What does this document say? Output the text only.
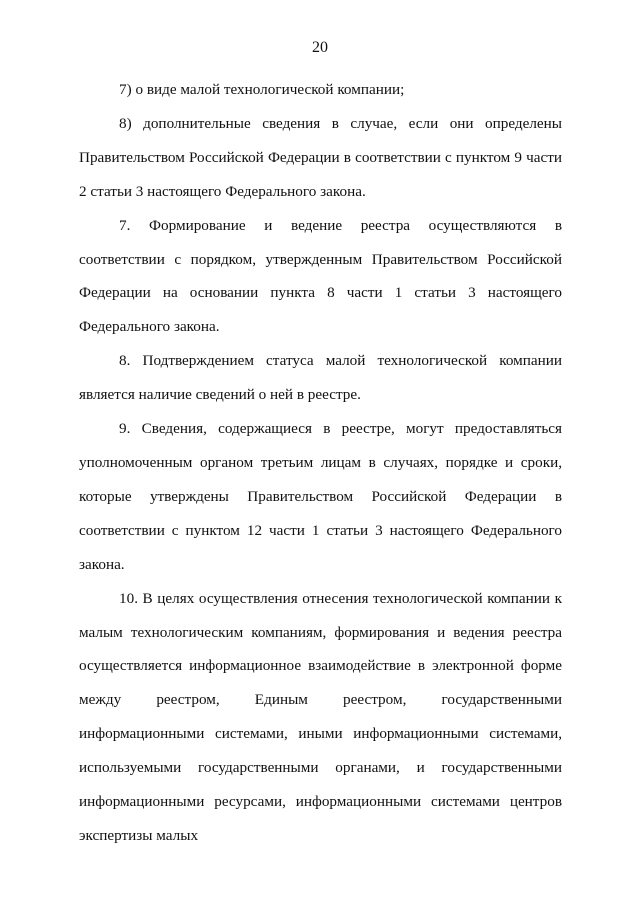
20

7) о виде малой технологической компании;

8) дополнительные сведения в случае, если они определены Правительством Российской Федерации в соответствии с пунктом 9 части 2 статьи 3 настоящего Федерального закона.

7. Формирование и ведение реестра осуществляются в соответствии с порядком, утвержденным Правительством Российской Федерации на основании пункта 8 части 1 статьи 3 настоящего Федерального закона.

8. Подтверждением статуса малой технологической компании является наличие сведений о ней в реестре.

9. Сведения, содержащиеся в реестре, могут предоставляться уполномоченным органом третьим лицам в случаях, порядке и сроки, которые утверждены Правительством Российской Федерации в соответствии с пунктом 12 части 1 статьи 3 настоящего Федерального закона.

10. В целях осуществления отнесения технологической компании к малым технологическим компаниям, формирования и ведения реестра осуществляется информационное взаимодействие в электронной форме между реестром, Единым реестром, государственными информационными системами, иными информационными системами, используемыми государственными органами, и государственными информационными ресурсами, информационными системами центров экспертизы малых
